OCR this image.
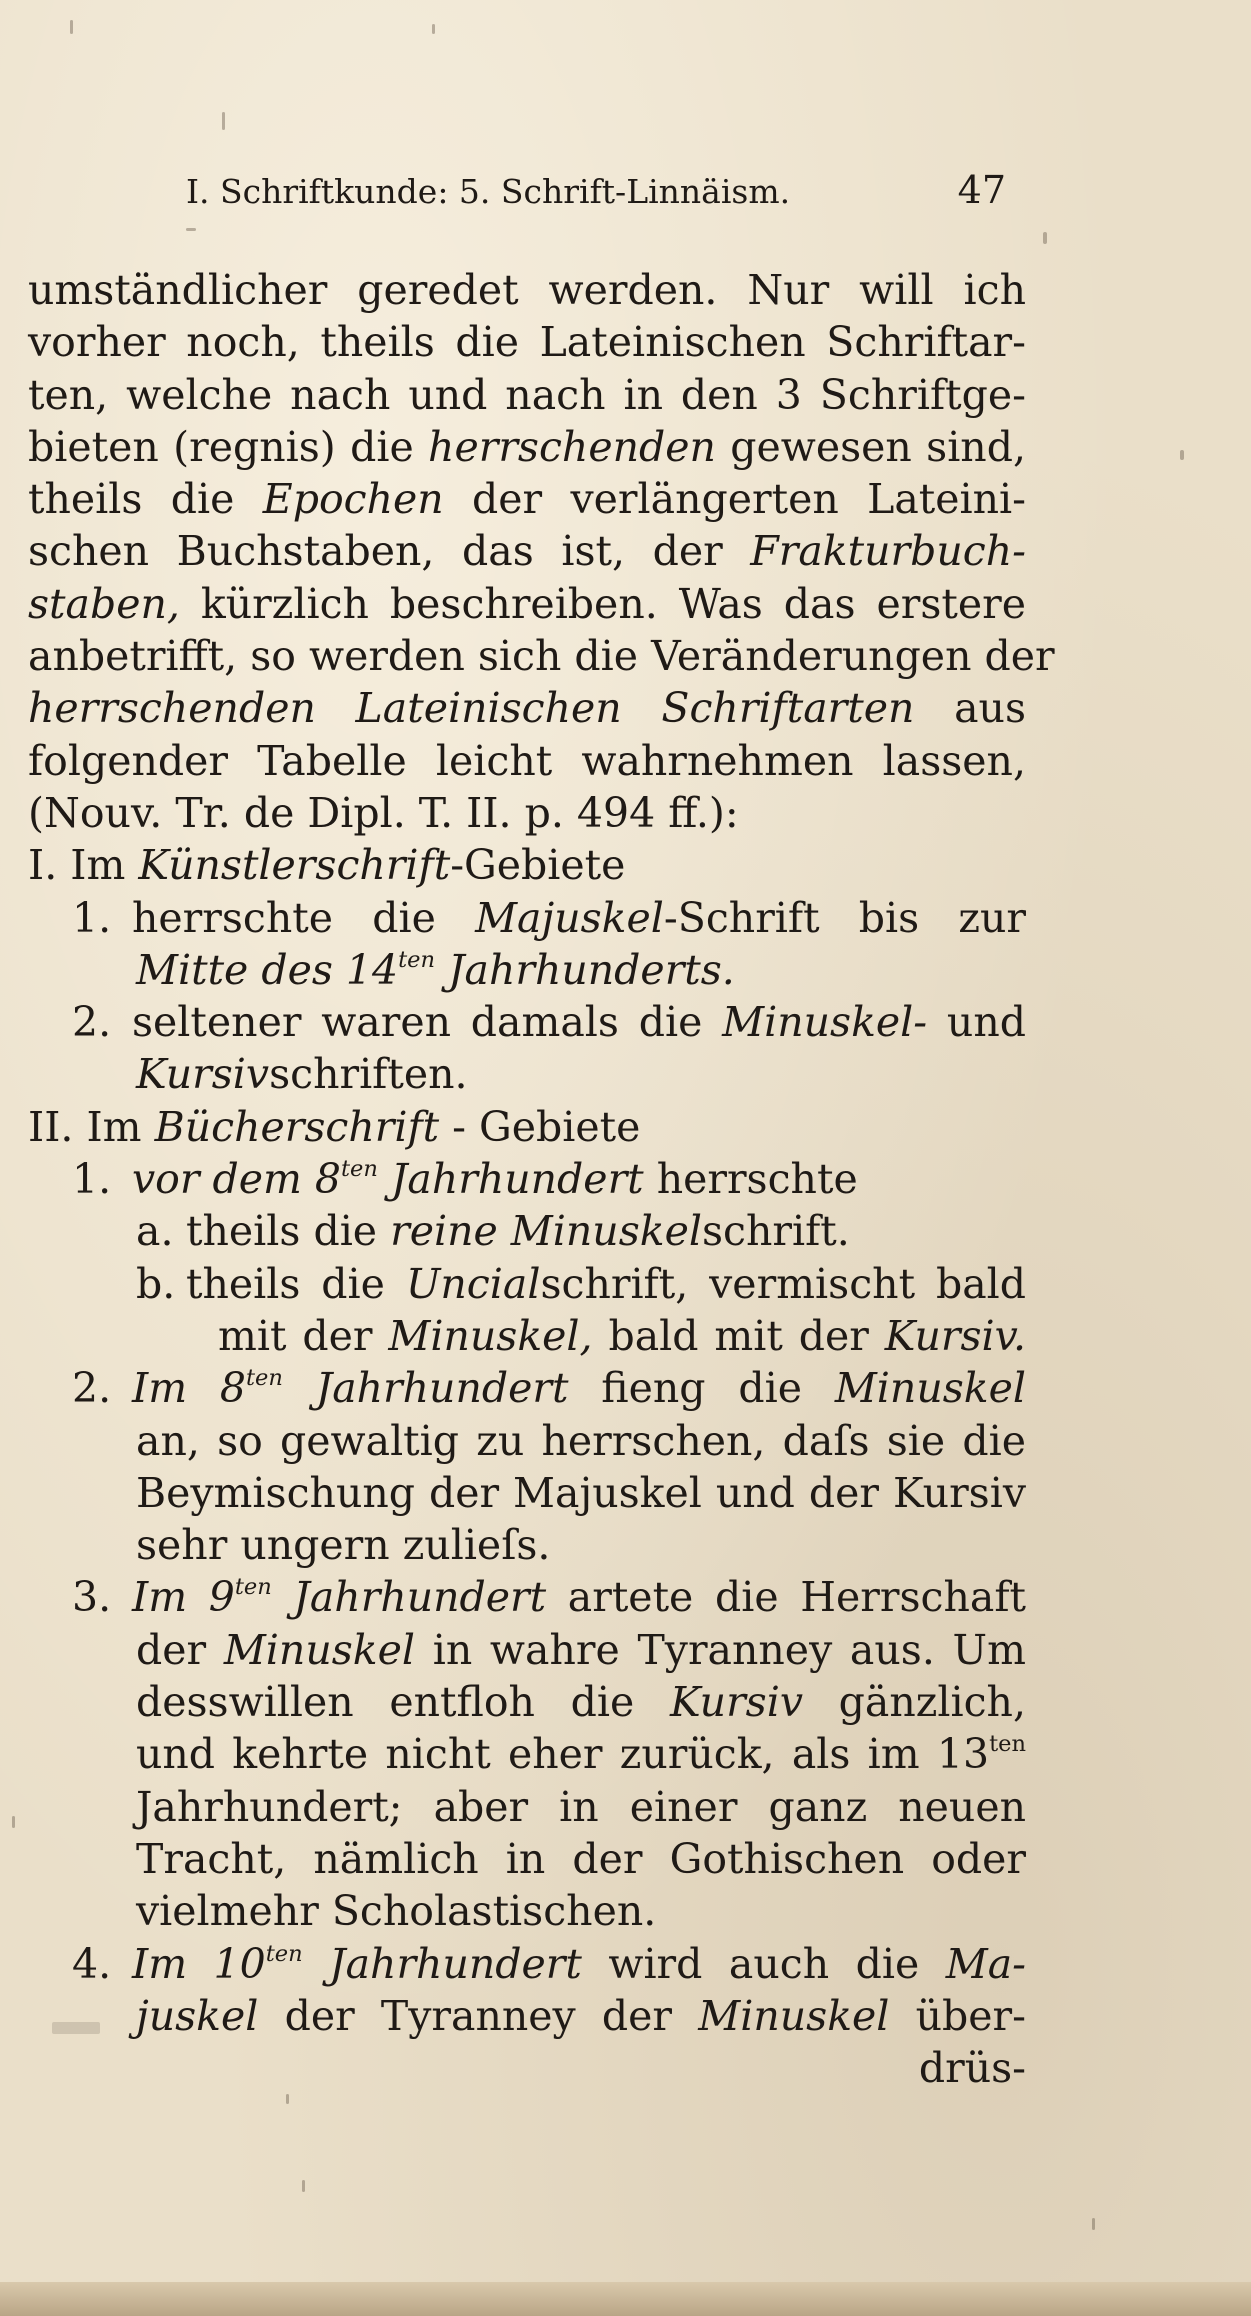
I. Schriftkunde: 5. Schrift-Linnäism.	47
umständlicher geredet werden. Nur will ich
vorher noch, theils die Lateinischen Schriftar-
ten, welche nach und nach in den 3 Schriftge-
bieten (regnis) die herrschenden gewesen sind,
theils die Epochen der verlängerten Lateini-
schen Buchstaben, das ist, der Frakturbuch-
staben, kürzlich beschreiben. Was das erstere
anbetrifft, so werden sich die Veränderungen der
herrschenden Lateinischen Schriftarten aus
folgender Tabelle leicht wahrnehmen lassen,
(Nouv. Tr. de Dipl. T. II. p. 494 ff.):
I. Im Künstlerschrift-Gebiete
1. herrschte die Majuskel-Schrift bis zur
Mitte des $14^{ten}$ Jahrhunderts.
2. seltener waren damals die Minuskel- und
Kursivschriften.
II. Im Bücherschrift - Gebiete
1. vor dem $8^{ten}$ Jahrhundert herrschte
a. theils die reine Minuskelschrift.
b. theils die Uncialschrift, vermischt bald
mit der Minuskel, bald mit der Kursiv.
2. Im $8^{ten}$ Jahrhundert fieng die Minuskel
an, so gewaltig zu herrschen, daſs sie die
Beymischung der Majuskel und der Kursiv
sehr ungern zulieſs.
3. Im $9^{ten}$ Jahrhundert artete die Herrschaft
der Minuskel in wahre Tyranney aus. Um
desswillen entfloh die Kursiv gänzlich,
und kehrte nicht eher zurück, als im $13^{ten}$
Jahrhundert; aber in einer ganz neuen
Tracht, nämlich in der Gothischen oder
vielmehr Scholastischen.
4. Im $10^{ten}$ Jahrhundert wird auch die Ma-
juskel der Tyranney der Minuskel über-
drüs-
